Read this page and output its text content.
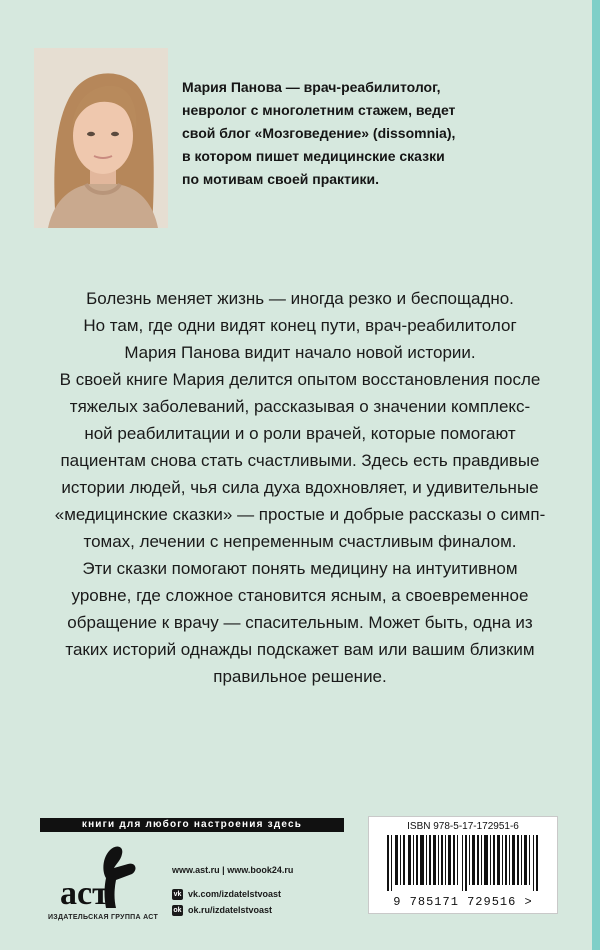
Мария Панова — врач-реабилитолог,
невролог с многолетним стажем, ведет
свой блог «Мозговедение» (dissomnia),
в котором пишет медицинские сказки
по мотивам своей практики.
Болезнь меняет жизнь — иногда резко и беспощадно.
Но там, где одни видят конец пути, врач-реабилитолог
Мария Панова видит начало новой истории.
В своей книге Мария делится опытом восстановления после
тяжелых заболеваний, рассказывая о значении комплекс-
ной реабилитации и о роли врачей, которые помогают
пациентам снова стать счастливыми. Здесь есть правдивые
истории людей, чья сила духа вдохновляет, и удивительные
«медицинские сказки» — простые и добрые рассказы о симп-
томах, лечении с непременным счастливым финалом.
Эти сказки помогают понять медицину на интуитивном
уровне, где сложное становится ясным, а своевременное
обращение к врачу — спасительным. Может быть, одна из
таких историй однажды подскажет вам или вашим близким
правильное решение.
книги для любого настроения здесь
аст
ИЗДАТЕЛЬСКАЯ ГРУППА АСТ
www.ast.ru | www.book24.ru
vk vk.com/izdatelstvoast
ok ok.ru/izdatelstvoast
ISBN 978-5-17-172951-6
9 785171 729516 >
